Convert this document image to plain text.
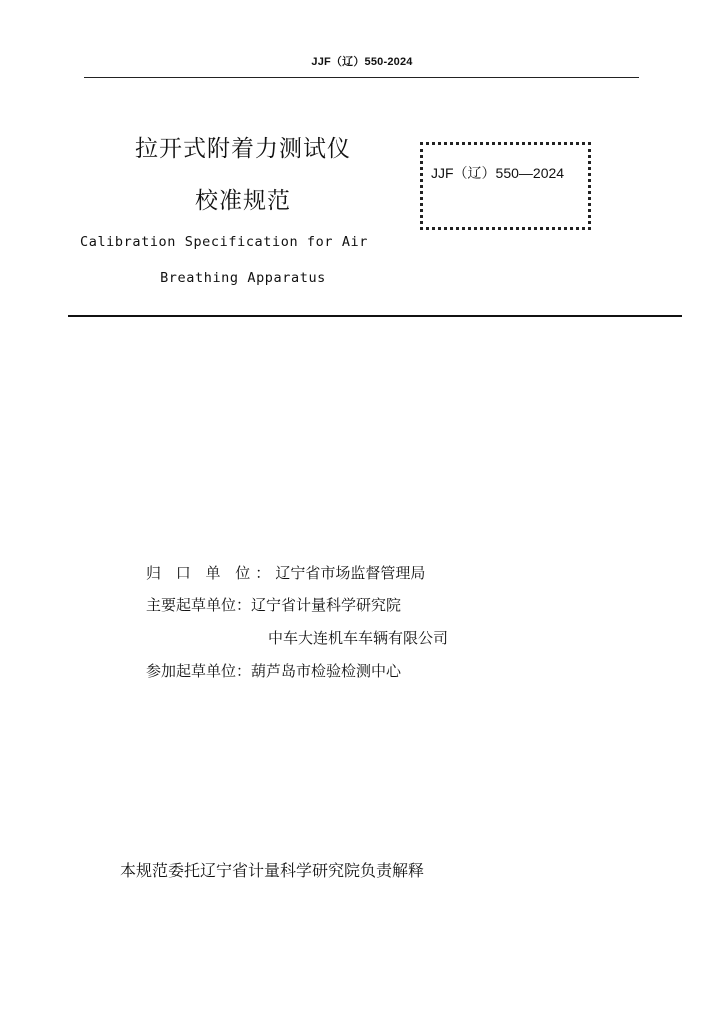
JJF（辽）550-2024
拉开式附着力测试仪
校准规范
Calibration Specification for Air
Breathing Apparatus
JJF（辽）550—2024
归 口 单 位： 辽宁省市场监督管理局
主要起草单位： 辽宁省计量科学研究院
中车大连机车车辆有限公司
参加起草单位： 葫芦岛市检验检测中心
本规范委托辽宁省计量科学研究院负责解释
